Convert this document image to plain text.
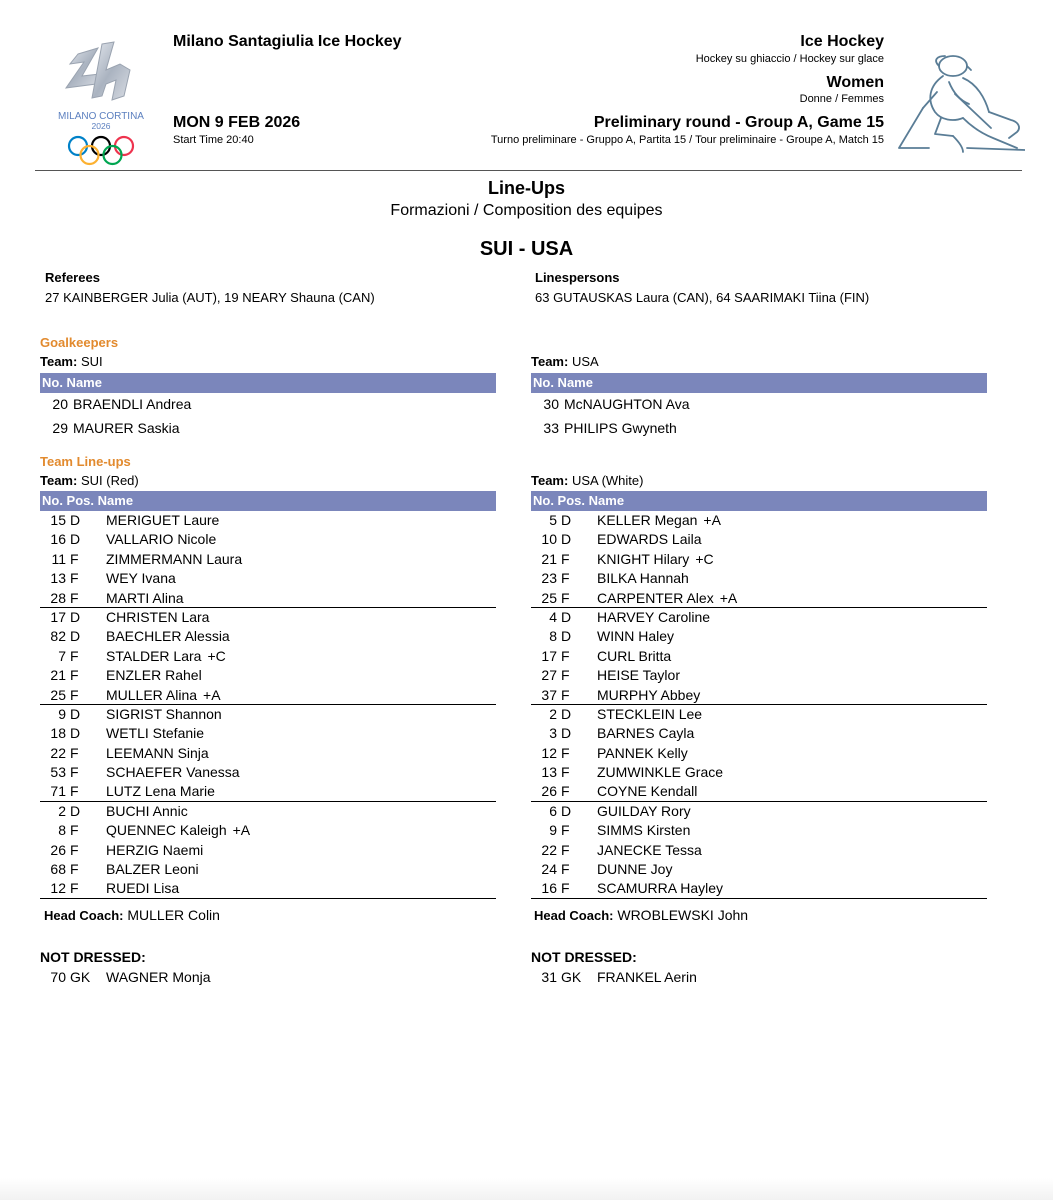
MILANO CORTINA
2026
Milano Santagiulia Ice Hockey
MON 9 FEB 2026
Start Time 20:40
Ice Hockey
Hockey su ghiaccio / Hockey sur glace
Women
Donne / Femmes
Preliminary round - Group A, Game 15
Turno preliminare - Gruppo A, Partita 15 / Tour preliminaire - Groupe A, Match 15
Line-Ups
Formazioni / Composition des equipes
SUI - USA
Referees
27 KAINBERGER Julia (AUT), 19 NEARY Shauna (CAN)
Linespersons
63 GUTAUSKAS Laura (CAN), 64 SAARIMAKI Tiina (FIN)
Goalkeepers
Team: SUI
No. Name
20 BRAENDLI Andrea
29 MAURER Saskia
Team: USA
No. Name
30 McNAUGHTON Ava
33 PHILIPS Gwyneth
Team Line-ups
Team: SUI (Red)
No. Pos. Name
15 D MERIGUET Laure
16 D VALLARIO Nicole
11 F ZIMMERMANN Laura
13 F WEY Ivana
28 F MARTI Alina
17 D CHRISTEN Lara
82 D BAECHLER Alessia
7 F STALDER Lara +C
21 F ENZLER Rahel
25 F MULLER Alina +A
9 D SIGRIST Shannon
18 D WETLI Stefanie
22 F LEEMANN Sinja
53 F SCHAEFER Vanessa
71 F LUTZ Lena Marie
2 D BUCHI Annic
8 F QUENNEC Kaleigh +A
26 F HERZIG Naemi
68 F BALZER Leoni
12 F RUEDI Lisa
Team: USA (White)
No. Pos. Name
5 D KELLER Megan +A
10 D EDWARDS Laila
21 F KNIGHT Hilary +C
23 F BILKA Hannah
25 F CARPENTER Alex +A
4 D HARVEY Caroline
8 D WINN Haley
17 F CURL Britta
27 F HEISE Taylor
37 F MURPHY Abbey
2 D STECKLEIN Lee
3 D BARNES Cayla
12 F PANNEK Kelly
13 F ZUMWINKLE Grace
26 F COYNE Kendall
6 D GUILDAY Rory
9 F SIMMS Kirsten
22 F JANECKE Tessa
24 F DUNNE Joy
16 F SCAMURRA Hayley
Head Coach: MULLER Colin	Head Coach: WROBLEWSKI John
NOT DRESSED:
70 GK WAGNER Monja
NOT DRESSED:
31 GK FRANKEL Aerin
